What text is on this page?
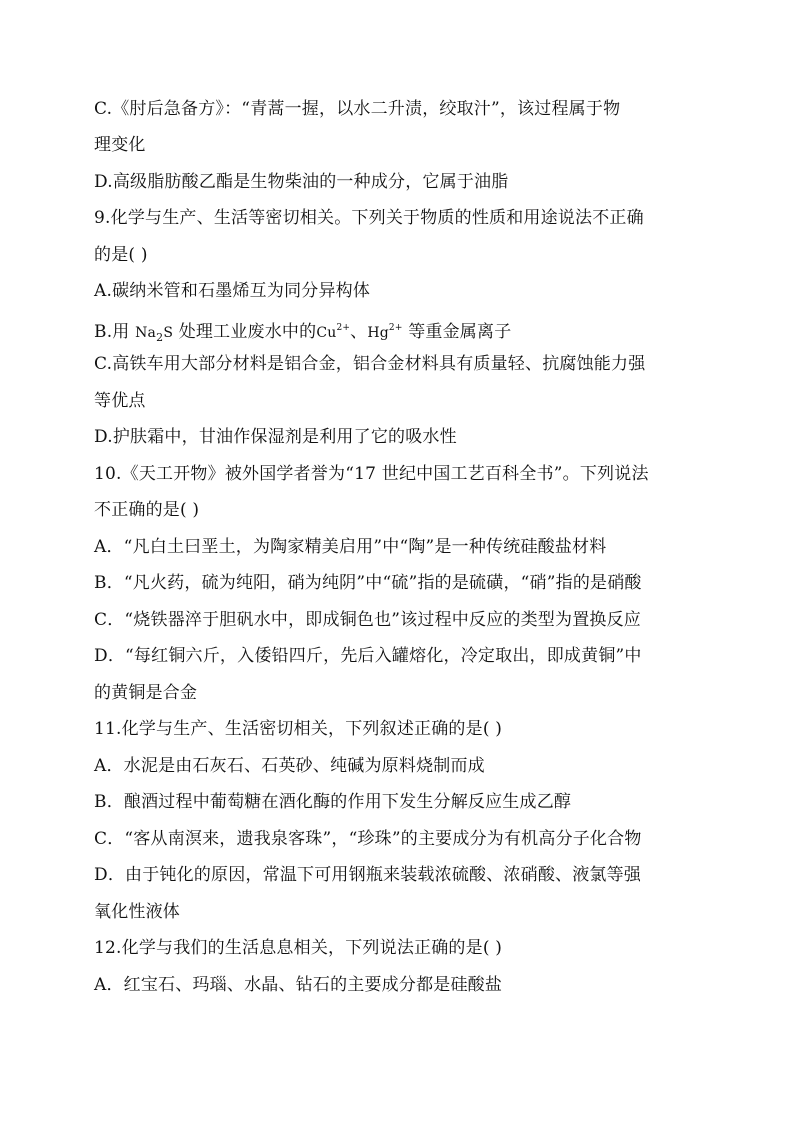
C.《肘后急备方》：“青蒿一握，以水二升渍，绞取汁”，该过程属于物
理变化
D.高级脂肪酸乙酯是生物柴油的一种成分，它属于油脂
9.化学与生产、生活等密切相关。下列关于物质的性质和用途说法不正确
的是( )
A.碳纳米管和石墨烯互为同分异构体
B.用 $Na_2S$ 处理工业废水中的$Cu^{2+}$、$Hg^{2+}$ 等重金属离子
C.高铁车用大部分材料是铝合金，铝合金材料具有质量轻、抗腐蚀能力强
等优点
D.护肤霜中，甘油作保湿剂是利用了它的吸水性
10.《天工开物》被外国学者誉为“17 世纪中国工艺百科全书”。下列说法
不正确的是( )
A．“凡白土曰垩土，为陶家精美启用”中“陶”是一种传统硅酸盐材料
B．“凡火药，硫为纯阳，硝为纯阴”中“硫”指的是硫磺，“硝”指的是硝酸
C．“烧铁器淬于胆矾水中，即成铜色也”该过程中反应的类型为置换反应
D．“每红铜六斤，入倭铅四斤，先后入罐熔化，冷定取出，即成黄铜”中
的黄铜是合金
11.化学与生产、生活密切相关，下列叙述正确的是( )
A．水泥是由石灰石、石英砂、纯碱为原料烧制而成
B．酿酒过程中葡萄糖在酒化酶的作用下发生分解反应生成乙醇
C．“客从南溟来，遗我泉客珠”，“珍珠”的主要成分为有机高分子化合物
D．由于钝化的原因，常温下可用钢瓶来装载浓硫酸、浓硝酸、液氯等强
氧化性液体
12.化学与我们的生活息息相关，下列说法正确的是( )
A．红宝石、玛瑙、水晶、钻石的主要成分都是硅酸盐
